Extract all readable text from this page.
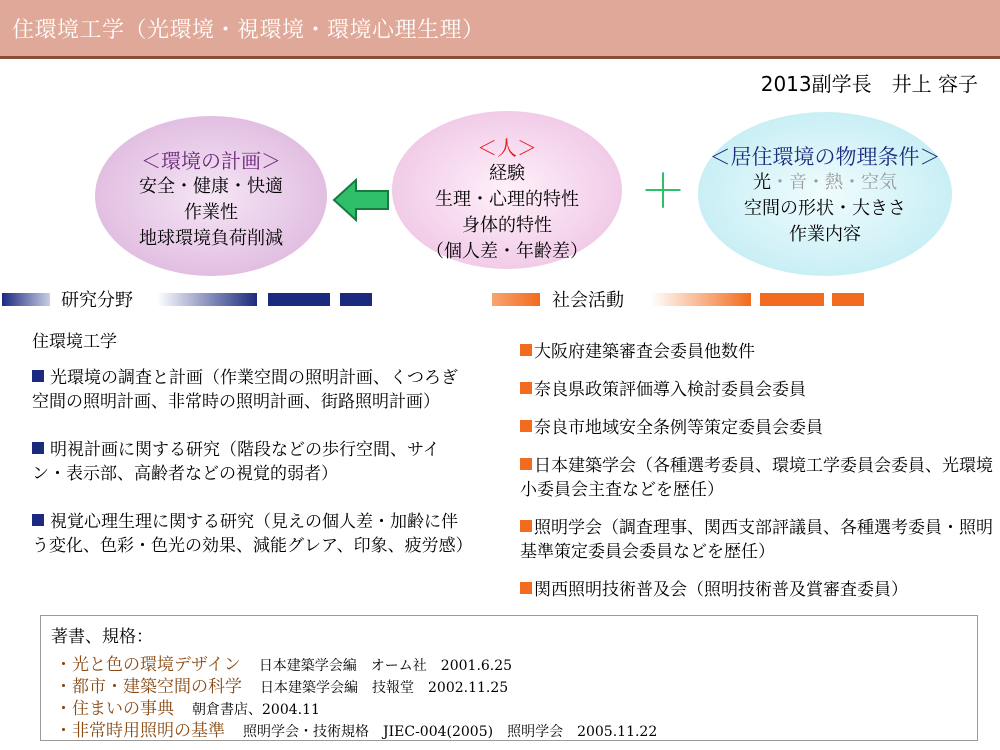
住環境工学（光環境・視環境・環境心理生理）
2013副学長　井上 容子
＜環境の計画＞
安全・健康・快適
作業性
地球環境負荷削減
＜人＞
経験
生理・心理的特性
身体的特性
（個人差・年齢差）
＋
＜居住環境の物理条件＞
光・音・熱・空気
空間の形状・大きさ
作業内容
研究分野	社会活動
住環境工学
光環境の調査と計画（作業空間の照明計画、くつろぎ空間の照明計画、非常時の照明計画、街路照明計画）
明視計画に関する研究（階段などの歩行空間、サイン・表示部、高齢者などの視覚的弱者）
視覚心理生理に関する研究（見えの個人差・加齢に伴う変化、色彩・色光の効果、減能グレア、印象、疲労感）
大阪府建築審査会委員他数件
奈良県政策評価導入検討委員会委員
奈良市地域安全条例等策定委員会委員
日本建築学会（各種選考委員、環境工学委員会委員、光環境小委員会主査などを歴任）
照明学会（調査理事、関西支部評議員、各種選考委員・照明基準策定委員会委員などを歴任）
関西照明技術普及会（照明技術普及賞審査委員）
著書、規格：
・光と色の環境デザイン 日本建築学会編　オーム社　2001.6.25
・都市・建築空間の科学 日本建築学会編　技報堂　2002.11.25
・住まいの事典 朝倉書店、2004.11
・非常時用照明の基準 照明学会・技術規格　JIEC-004(2005)　照明学会　2005.11.22
